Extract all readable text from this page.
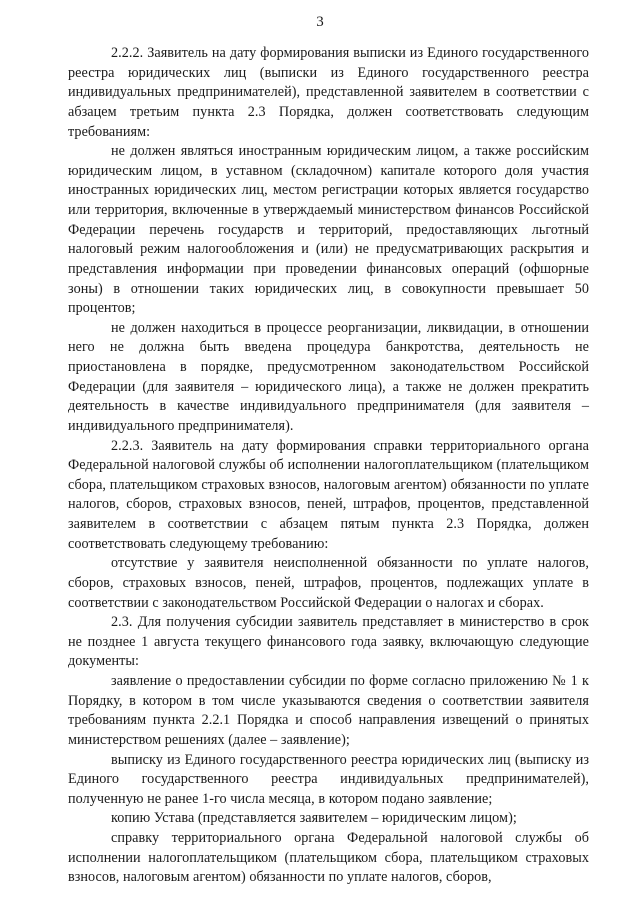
3

2.2.2. Заявитель на дату формирования выписки из Единого государственного реестра юридических лиц (выписки из Единого государственного реестра индивидуальных предпринимателей), представленной заявителем в соответствии с абзацем третьим пункта 2.3 Порядка, должен соответствовать следующим требованиям:

не должен являться иностранным юридическим лицом, а также российским юридическим лицом, в уставном (складочном) капитале которого доля участия иностранных юридических лиц, местом регистрации которых является государство или территория, включенные в утверждаемый министерством финансов Российской Федерации перечень государств и территорий, предоставляющих льготный налоговый режим налогообложения и (или) не предусматривающих раскрытия и представления информации при проведении финансовых операций (офшорные зоны) в отношении таких юридических лиц, в совокупности превышает 50 процентов;

не должен находиться в процессе реорганизации, ликвидации, в отношении него не должна быть введена процедура банкротства, деятельность не приостановлена в порядке, предусмотренном законодательством Российской Федерации (для заявителя – юридического лица), а также не должен прекратить деятельность в качестве индивидуального предпринимателя (для заявителя – индивидуального предпринимателя).

2.2.3. Заявитель на дату формирования справки территориального органа Федеральной налоговой службы об исполнении налогоплательщиком (плательщиком сбора, плательщиком страховых взносов, налоговым агентом) обязанности по уплате налогов, сборов, страховых взносов, пеней, штрафов, процентов, представленной заявителем в соответствии с абзацем пятым пункта 2.3 Порядка, должен соответствовать следующему требованию:

отсутствие у заявителя неисполненной обязанности по уплате налогов, сборов, страховых взносов, пеней, штрафов, процентов, подлежащих уплате в соответствии с законодательством Российской Федерации о налогах и сборах.

2.3. Для получения субсидии заявитель представляет в министерство в срок не позднее 1 августа текущего финансового года заявку, включающую следующие документы:

заявление о предоставлении субсидии по форме согласно приложению № 1 к Порядку, в котором в том числе указываются сведения о соответствии заявителя требованиям пункта 2.2.1 Порядка и способ направления извещений о принятых министерством решениях (далее – заявление);

выписку из Единого государственного реестра юридических лиц (выписку из Единого государственного реестра индивидуальных предпринимателей), полученную не ранее 1-го числа месяца, в котором подано заявление;

копию Устава (представляется заявителем – юридическим лицом);

справку территориального органа Федеральной налоговой службы об исполнении налогоплательщиком (плательщиком сбора, плательщиком страховых взносов, налоговым агентом) обязанности по уплате налогов, сборов,
